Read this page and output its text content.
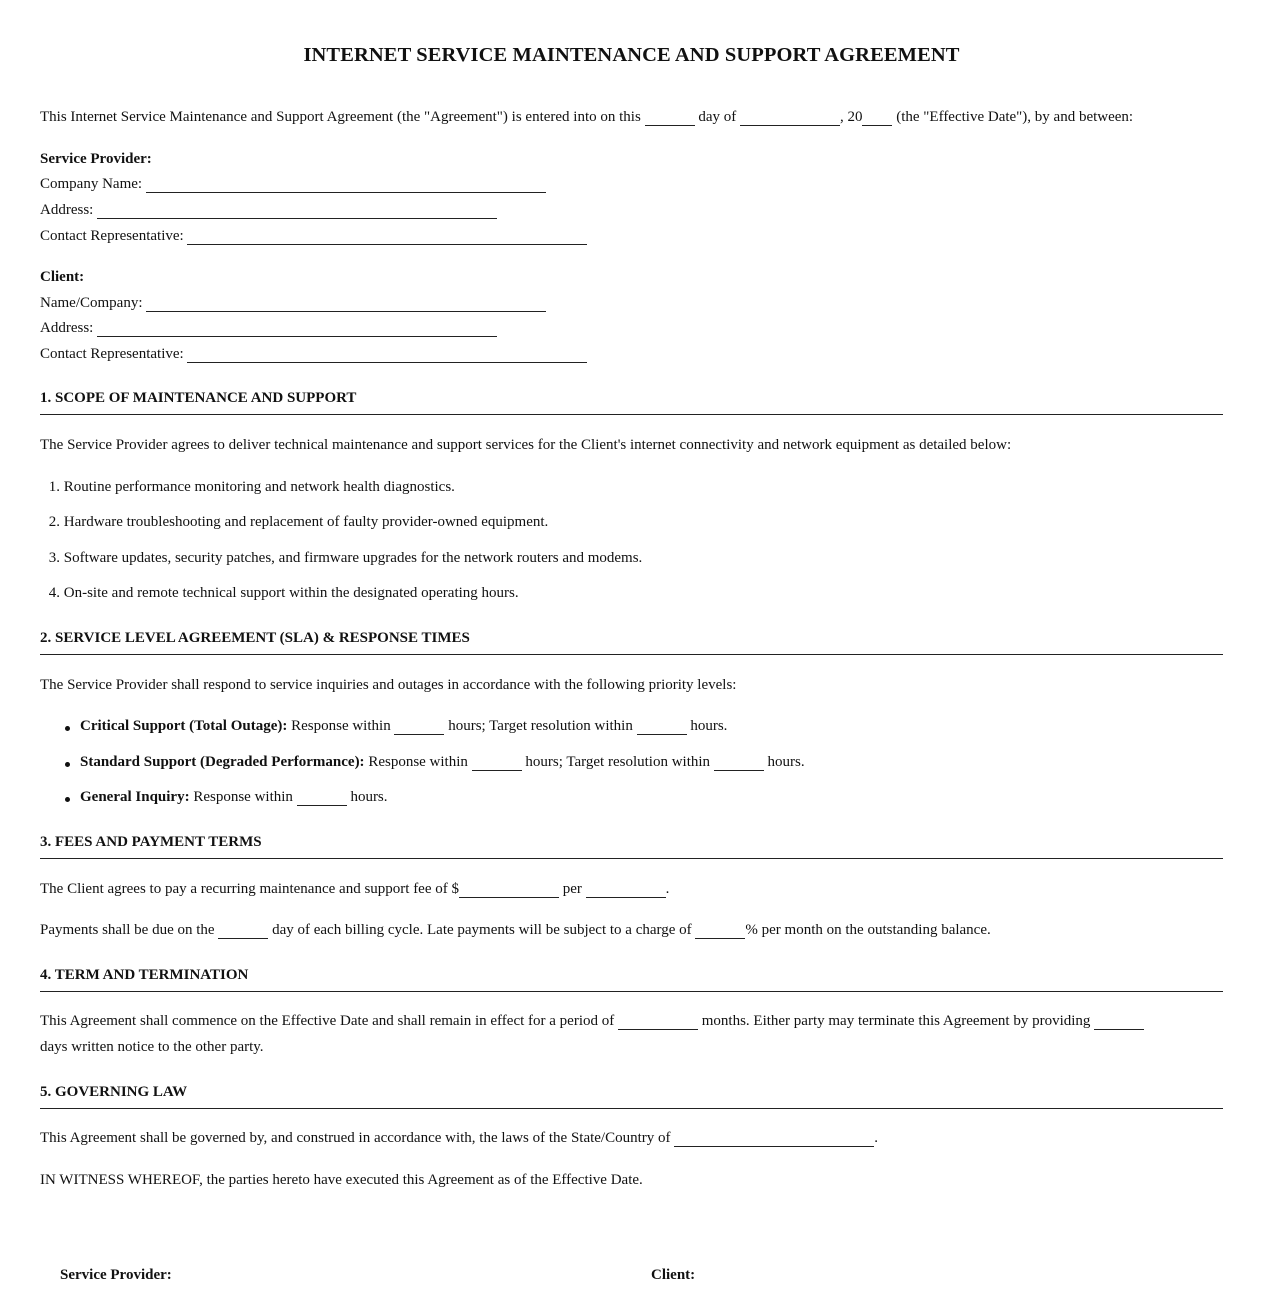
INTERNET SERVICE MAINTENANCE AND SUPPORT AGREEMENT
This Internet Service Maintenance and Support Agreement (the "Agreement") is entered into on this	day of	, 20 (the "Effective Date"), by and between:
Service Provider:
Company Name:
Address:
Contact Representative:
Client:
Name/Company:
Address:
Contact Representative:
1. SCOPE OF MAINTENANCE AND SUPPORT
The Service Provider agrees to deliver technical maintenance and support services for the Client's internet connectivity and network equipment as detailed below:
1. Routine performance monitoring and network health diagnostics.
2. Hardware troubleshooting and replacement of faulty provider-owned equipment.
3. Software updates, security patches, and firmware upgrades for the network routers and modems.
4. On-site and remote technical support within the designated operating hours.
2. SERVICE LEVEL AGREEMENT (SLA) & RESPONSE TIMES
The Service Provider shall respond to service inquiries and outages in accordance with the following priority levels:
Critical Support (Total Outage): Response within	hours; Target resolution within	hours.
Standard Support (Degraded Performance): Response within	hours; Target resolution within	hours.
General Inquiry: Response within	hours.
3. FEES AND PAYMENT TERMS
The Client agrees to pay a recurring maintenance and support fee of $	per	.
Payments shall be due on the	day of each billing cycle. Late payments will be subject to a charge of	% per month on the outstanding balance.
4. TERM AND TERMINATION
This Agreement shall commence on the Effective Date and shall remain in effect for a period of	months. Either party may terminate this Agreement by providing
days written notice to the other party.
5. GOVERNING LAW
This Agreement shall be governed by, and construed in accordance with, the laws of the State/Country of	.
IN WITNESS WHEREOF, the parties hereto have executed this Agreement as of the Effective Date.
Service Provider:	Client:
